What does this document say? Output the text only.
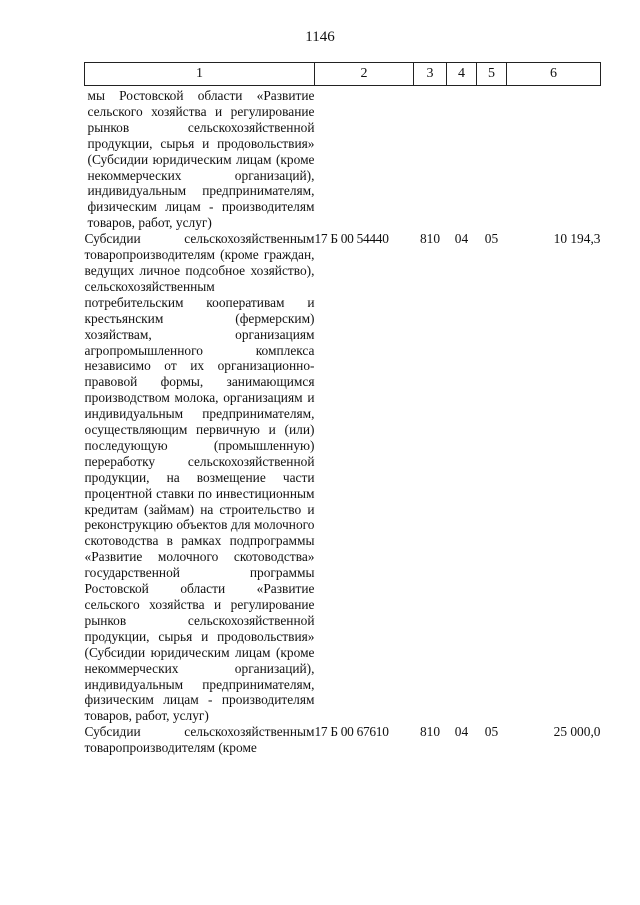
1146
1	2	3	4	5	6
мы Ростовской области «Развитие сельского хозяйства и регулирование рынков сельскохозяйственной продукции, сырья и продовольствия» (Субсидии юридическим лицам (кроме некоммерческих организаций), индивидуальным предпринимателям, физическим лицам - производителям товаров, работ, услуг)					
Субсидии сельскохозяйственным товаропроизводителям (кроме граждан, ведущих личное подсобное хозяйство), сельскохозяйственным потребительским кооперативам и крестьянским (фермерским) хозяйствам, организациям агропромышленного комплекса независимо от их организационно-правовой формы, занимающимся производством молока, организациям и индивидуальным предпринимателям, осуществляющим первичную и (или) последующую (промышленную) переработку сельскохозяйственной продукции, на возмещение части процентной ставки по инвестиционным кредитам (займам) на строительство и реконструкцию объектов для молочного скотоводства в рамках подпрограммы «Развитие молочного скотоводства» государственной программы Ростовской области «Развитие сельского хозяйства и регулирование рынков сельскохозяйственной продукции, сырья и продовольствия» (Субсидии юридическим лицам (кроме некоммерческих организаций), индивидуальным предпринимателям, физическим лицам - производителям товаров, работ, услуг)	17 Б 00 54440	810	04	05	10 194,3
Субсидии сельскохозяйственным товаропроизводителям (кроме	17 Б 00 67610	810	04	05	25 000,0
